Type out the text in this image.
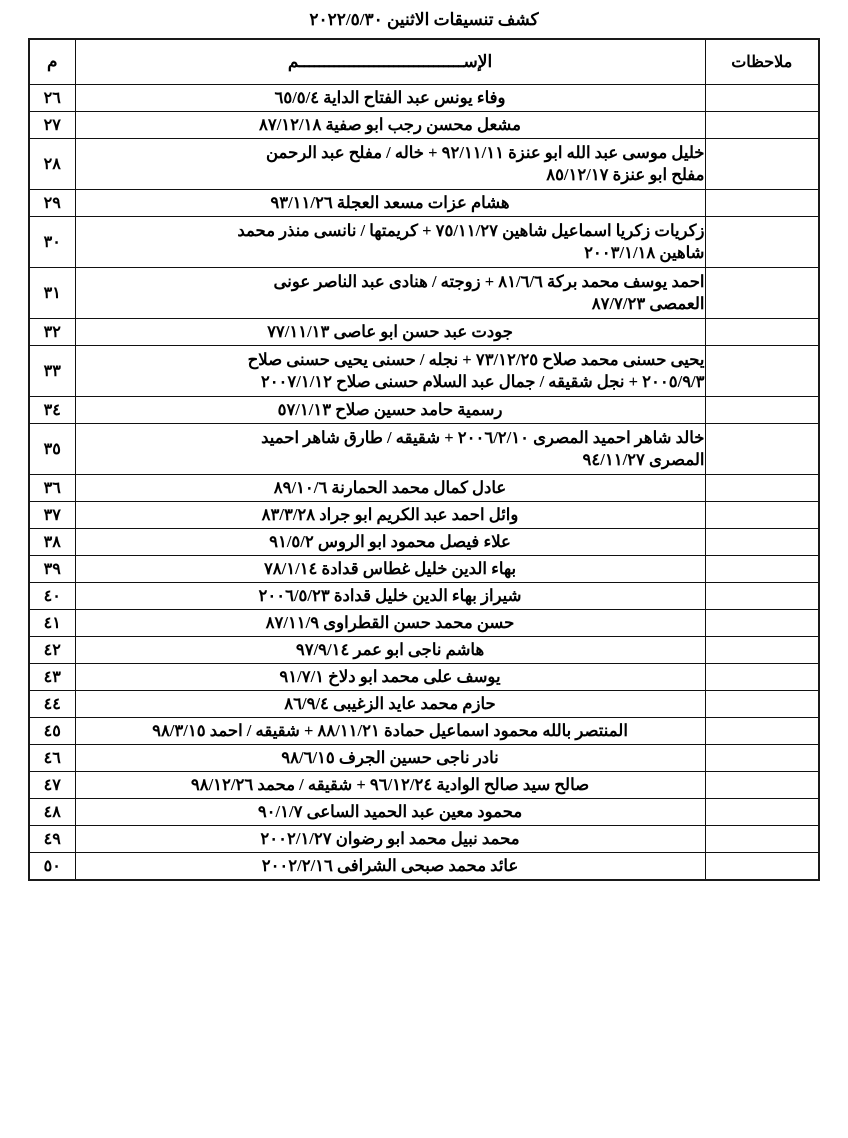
كشف تنسيقات الاثنين ٢٠٢٢/٥/٣٠
ملاحظات	الإســـــــــــــــــــــــــــــــــم	م

	وفاء يونس عبد الفتاح الداية ٦٥/٥/٤	٢٦

	مشعل محسن رجب ابو صفية ٨٧/١٢/١٨	٢٧

	خليل موسى عبد الله ابو عنزة ٩٢/١١/١١ + خاله / مفلح عبد الرحمن
مفلح ابو عنزة ٨٥/١٢/١٧	٢٨

	هشام عزات مسعد العجلة ٩٣/١١/٢٦	٢٩

	زكريات زكريا اسماعيل شاهين ٧٥/١١/٢٧ + كريمتها / نانسى منذر محمد
شاهين ٢٠٠٣/١/١٨	٣٠

	احمد يوسف محمد بركة ٨١/٦/٦ + زوجته / هنادى عبد الناصر عونى
العمصى ٨٧/٧/٢٣	٣١

	جودت عبد حسن ابو عاصى ٧٧/١١/١٣	٣٢

	يحيى حسنى محمد صلاح ٧٣/١٢/٢٥ + نجله / حسنى يحيى حسنى صلاح
٢٠٠٥/٩/٣ + نجل شقيقه / جمال عبد السلام حسنى صلاح ٢٠٠٧/١/١٢	٣٣

	رسمية حامد حسين صلاح ٥٧/١/١٣	٣٤

	خالد شاهر احميد المصرى ٢٠٠٦/٢/١٠ + شقيقه / طارق شاهر احميد
المصرى ٩٤/١١/٢٧	٣٥

	عادل كمال محمد الحمارنة ٨٩/١٠/٦	٣٦

	وائل احمد عبد الكريم ابو جراد ٨٣/٣/٢٨	٣٧

	علاء فيصل محمود ابو الروس ٩١/٥/٢	٣٨

	بهاء الدين خليل غطاس قدادة ٧٨/١/١٤	٣٩

	شيراز بهاء الدين خليل قدادة ٢٠٠٦/٥/٢٣	٤٠

	حسن محمد حسن القطراوى ٨٧/١١/٩	٤١

	هاشم ناجى ابو عمر ٩٧/٩/١٤	٤٢

	يوسف على محمد ابو دلاخ ٩١/٧/١	٤٣

	حازم محمد عايد الزغيبى ٨٦/٩/٤	٤٤

	المنتصر بالله محمود اسماعيل حمادة ٨٨/١١/٢١ + شقيقه / احمد ٩٨/٣/١٥	٤٥

	نادر ناجى حسين الجرف ٩٨/٦/١٥	٤٦

	صالح سيد صالح الوادية ٩٦/١٢/٢٤ + شقيقه / محمد ٩٨/١٢/٢٦	٤٧

	محمود معين عبد الحميد الساعى ٩٠/١/٧	٤٨

	محمد نبيل محمد ابو رضوان ٢٠٠٢/١/٢٧	٤٩

	عائد محمد صبحى الشرافى ٢٠٠٢/٢/١٦	٥٠
